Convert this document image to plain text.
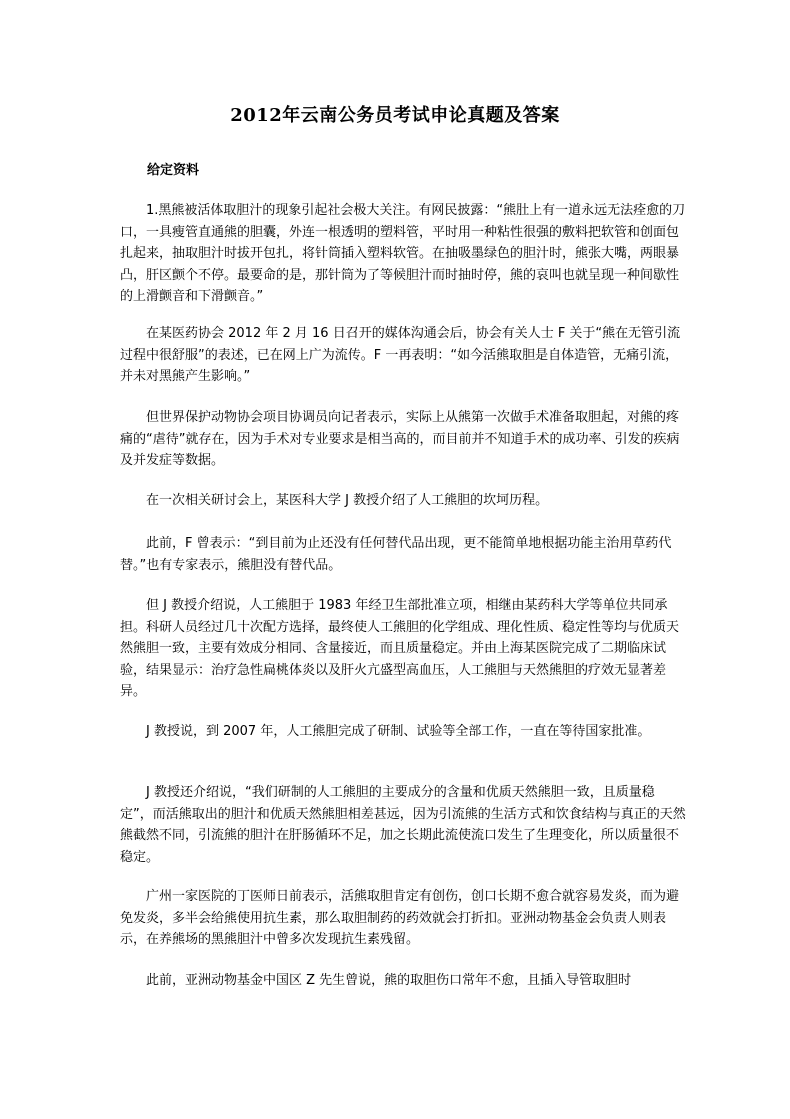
2012年云南公务员考试申论真题及答案
给定资料

1.黑熊被活体取胆汁的现象引起社会极大关注。有网民披露：“熊肚上有一道永远无法痊愈的刀口，一具瘦管直通熊的胆囊，外连一根透明的塑料管，平时用一种粘性很强的敷料把软管和创面包扎起来，抽取胆汁时拔开包扎，将针筒插入塑料软管。在抽吸墨绿色的胆汁时，熊张大嘴，两眼暴凸，肝区颤个不停。最要命的是，那针筒为了等候胆汁而时抽时停，熊的哀叫也就呈现一种间歇性的上滑颤音和下滑颤音。”

在某医药协会 2012 年 2 月 16 日召开的媒体沟通会后，协会有关人士 F 关于“熊在无管引流过程中很舒服”的表述，已在网上广为流传。F 一再表明：“如今活熊取胆是自体造管，无痛引流，并未对黑熊产生影响。”

但世界保护动物协会项目协调员向记者表示，实际上从熊第一次做手术准备取胆起，对熊的疼痛的“虐待”就存在，因为手术对专业要求是相当高的，而目前并不知道手术的成功率、引发的疾病及并发症等数据。

在一次相关研讨会上，某医科大学 J 教授介绍了人工熊胆的坎坷历程。

此前，F 曾表示：“到目前为止还没有任何替代品出现，更不能简单地根据功能主治用草药代替。”也有专家表示，熊胆没有替代品。

但 J 教授介绍说，人工熊胆于 1983 年经卫生部批准立项，相继由某药科大学等单位共同承担。科研人员经过几十次配方选择，最终使人工熊胆的化学组成、理化性质、稳定性等均与优质天然熊胆一致，主要有效成分相同、含量接近，而且质量稳定。并由上海某医院完成了二期临床试验，结果显示：治疗急性扁桃体炎以及肝火亢盛型高血压，人工熊胆与天然熊胆的疗效无显著差异。

J 教授说，到 2007 年，人工熊胆完成了研制、试验等全部工作，一直在等待国家批准。

J 教授还介绍说，“我们研制的人工熊胆的主要成分的含量和优质天然熊胆一致，且质量稳定”，而活熊取出的胆汁和优质天然熊胆相差甚远，因为引流熊的生活方式和饮食结构与真正的天然熊截然不同，引流熊的胆汁在肝肠循环不足，加之长期此流使流口发生了生理变化，所以质量很不稳定。

广州一家医院的丁医师日前表示，活熊取胆肯定有创伤，创口长期不愈合就容易发炎，而为避免发炎，多半会给熊使用抗生素，那么取胆制药的药效就会打折扣。亚洲动物基金会负责人则表示，在养熊场的黑熊胆汁中曾多次发现抗生素残留。

此前，亚洲动物基金中国区 Z 先生曾说，熊的取胆伤口常年不愈，且插入导管取胆时
